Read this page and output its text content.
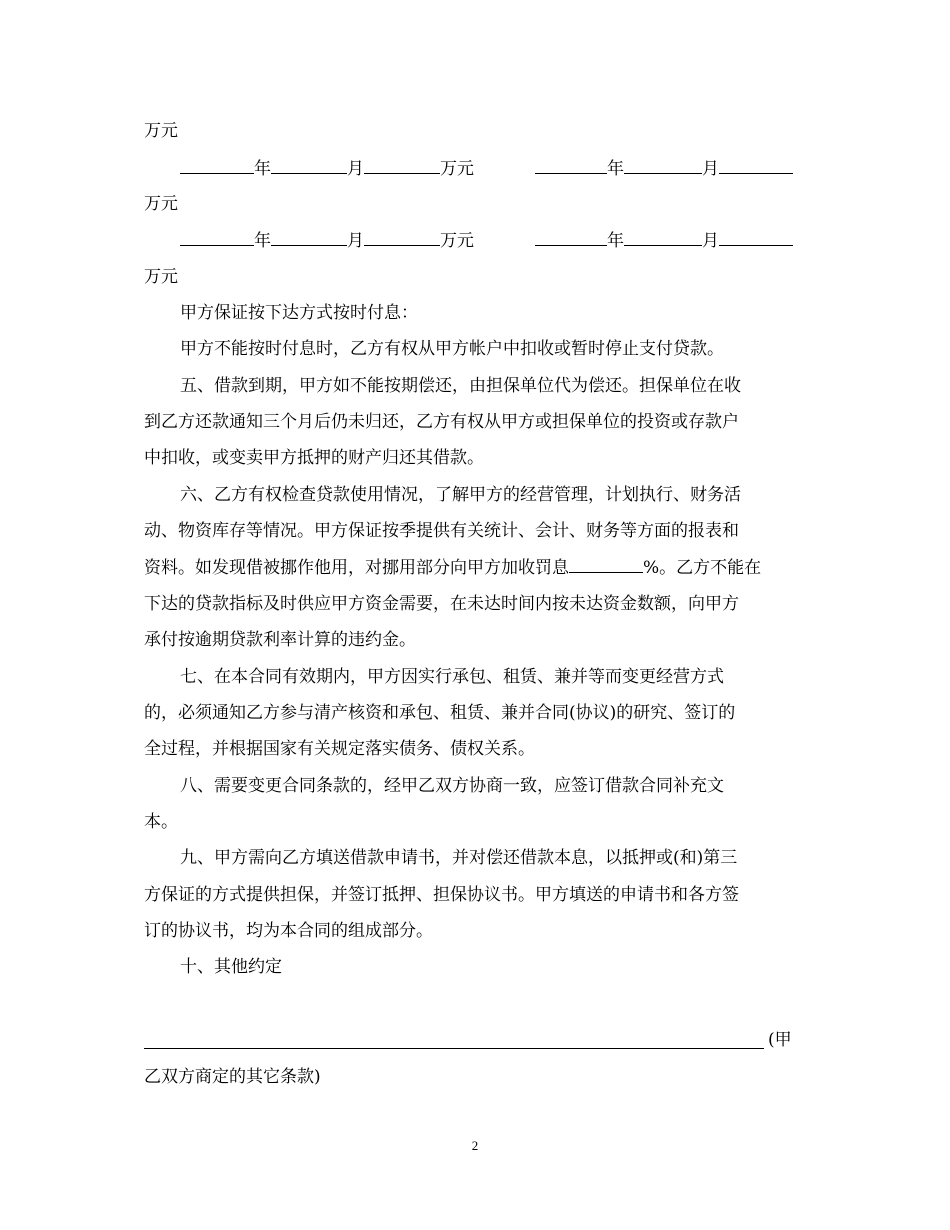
万元
年	月	万元	年	月
万元
年	月	万元	年	月
万元
甲方保证按下达方式按时付息：
甲方不能按时付息时，乙方有权从甲方帐户中扣收或暂时停止支付贷款。
五、借款到期，甲方如不能按期偿还，由担保单位代为偿还。担保单位在收
到乙方还款通知三个月后仍未归还，乙方有权从甲方或担保单位的投资或存款户
中扣收，或变卖甲方抵押的财产归还其借款。
六、乙方有权检查贷款使用情况，了解甲方的经营管理，计划执行、财务活
动、物资库存等情况。甲方保证按季提供有关统计、会计、财务等方面的报表和
资料。如发现借被挪作他用，对挪用部分向甲方加收罚息	%。乙方不能在
下达的贷款指标及时供应甲方资金需要，在未达时间内按未达资金数额，向甲方
承付按逾期贷款利率计算的违约金。
七、在本合同有效期内，甲方因实行承包、租赁、兼并等而变更经营方式
的，必须通知乙方参与清产核资和承包、租赁、兼并合同(协议)的研究、签订的
全过程，并根据国家有关规定落实债务、债权关系。
八、需要变更合同条款的，经甲乙双方协商一致，应签订借款合同补充文
本。
九、甲方需向乙方填送借款申请书，并对偿还借款本息，以抵押或(和)第三
方保证的方式提供担保，并签订抵押、担保协议书。甲方填送的申请书和各方签
订的协议书，均为本合同的组成部分。
十、其他约定
(甲
乙双方商定的其它条款)
2
